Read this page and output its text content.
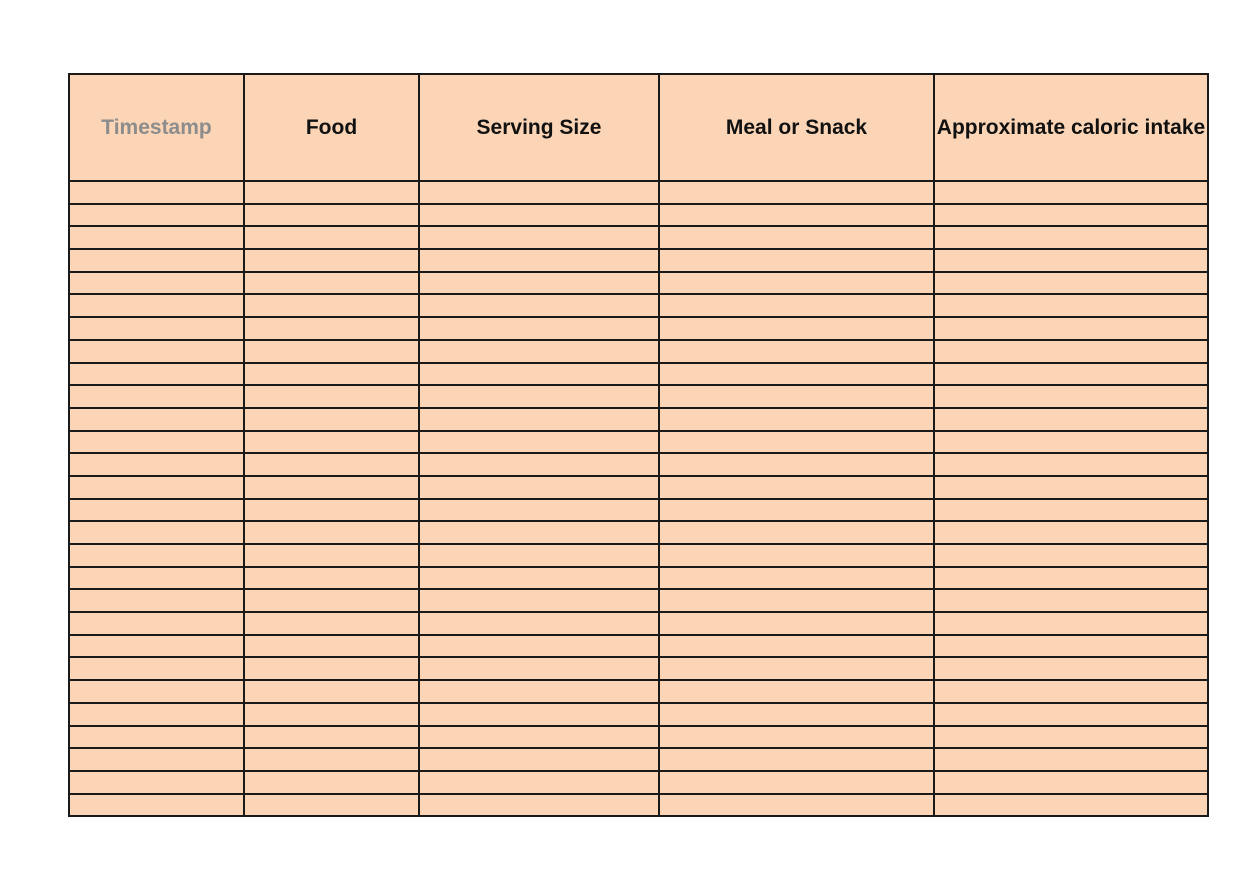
Timestamp	Food	Serving Size	Meal or Snack	Approximate caloric intake
